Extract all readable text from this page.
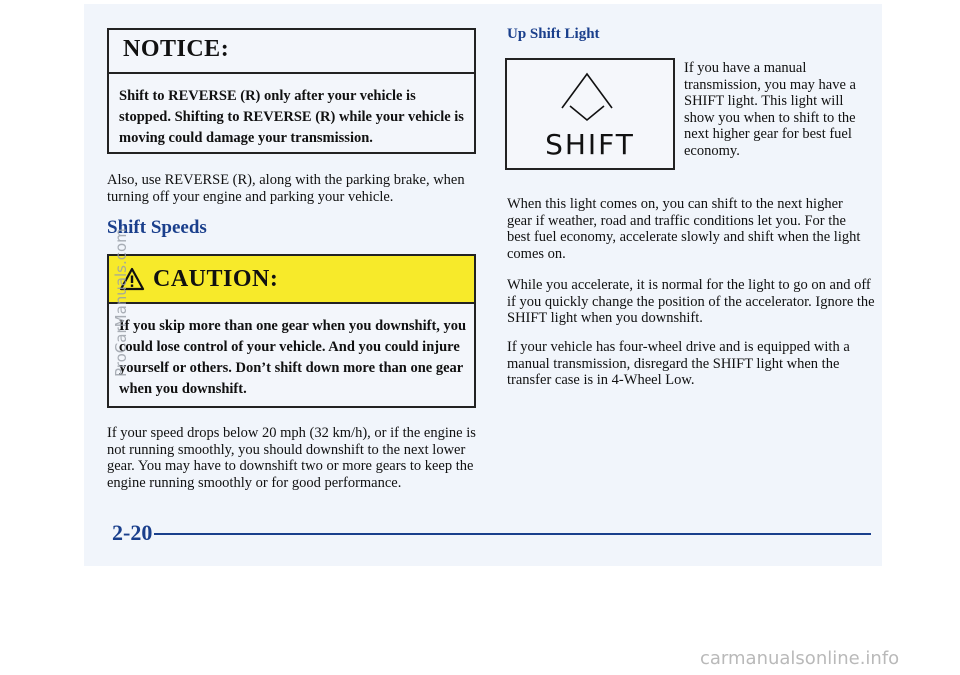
NOTICE:
Shift to REVERSE (R) only after your vehicle is stopped. Shifting to REVERSE (R) while your vehicle is moving could damage your transmission.
Also, use REVERSE (R), along with the parking brake, when turning off your engine and parking your vehicle.
Shift Speeds
CAUTION:
If you skip more than one gear when you downshift, you could lose control of your vehicle. And you could injure yourself or others. Don’t shift down more than one gear when you downshift.
If your speed drops below 20 mph (32 km/h), or if the engine is not running smoothly, you should downshift to the next lower gear. You may have to downshift two or more gears to keep the engine running smoothly or for good performance.
Up Shift Light
SHIFT
If you have a manual transmission, you may have a SHIFT light. This light will show you when to shift to the next higher gear for best fuel economy.
When this light comes on, you can shift to the next higher gear if weather, road and traffic conditions let you. For the best fuel economy, accelerate slowly and shift when the light comes on.
While you accelerate, it is normal for the light to go on and off if you quickly change the position of the accelerator. Ignore the SHIFT light when you downshift.
If your vehicle has four-wheel drive and is equipped with a manual transmission, disregard the SHIFT light when the transfer case is in 4-Wheel Low.
2-20
ProCarManuals.com
carmanualsonline.info
